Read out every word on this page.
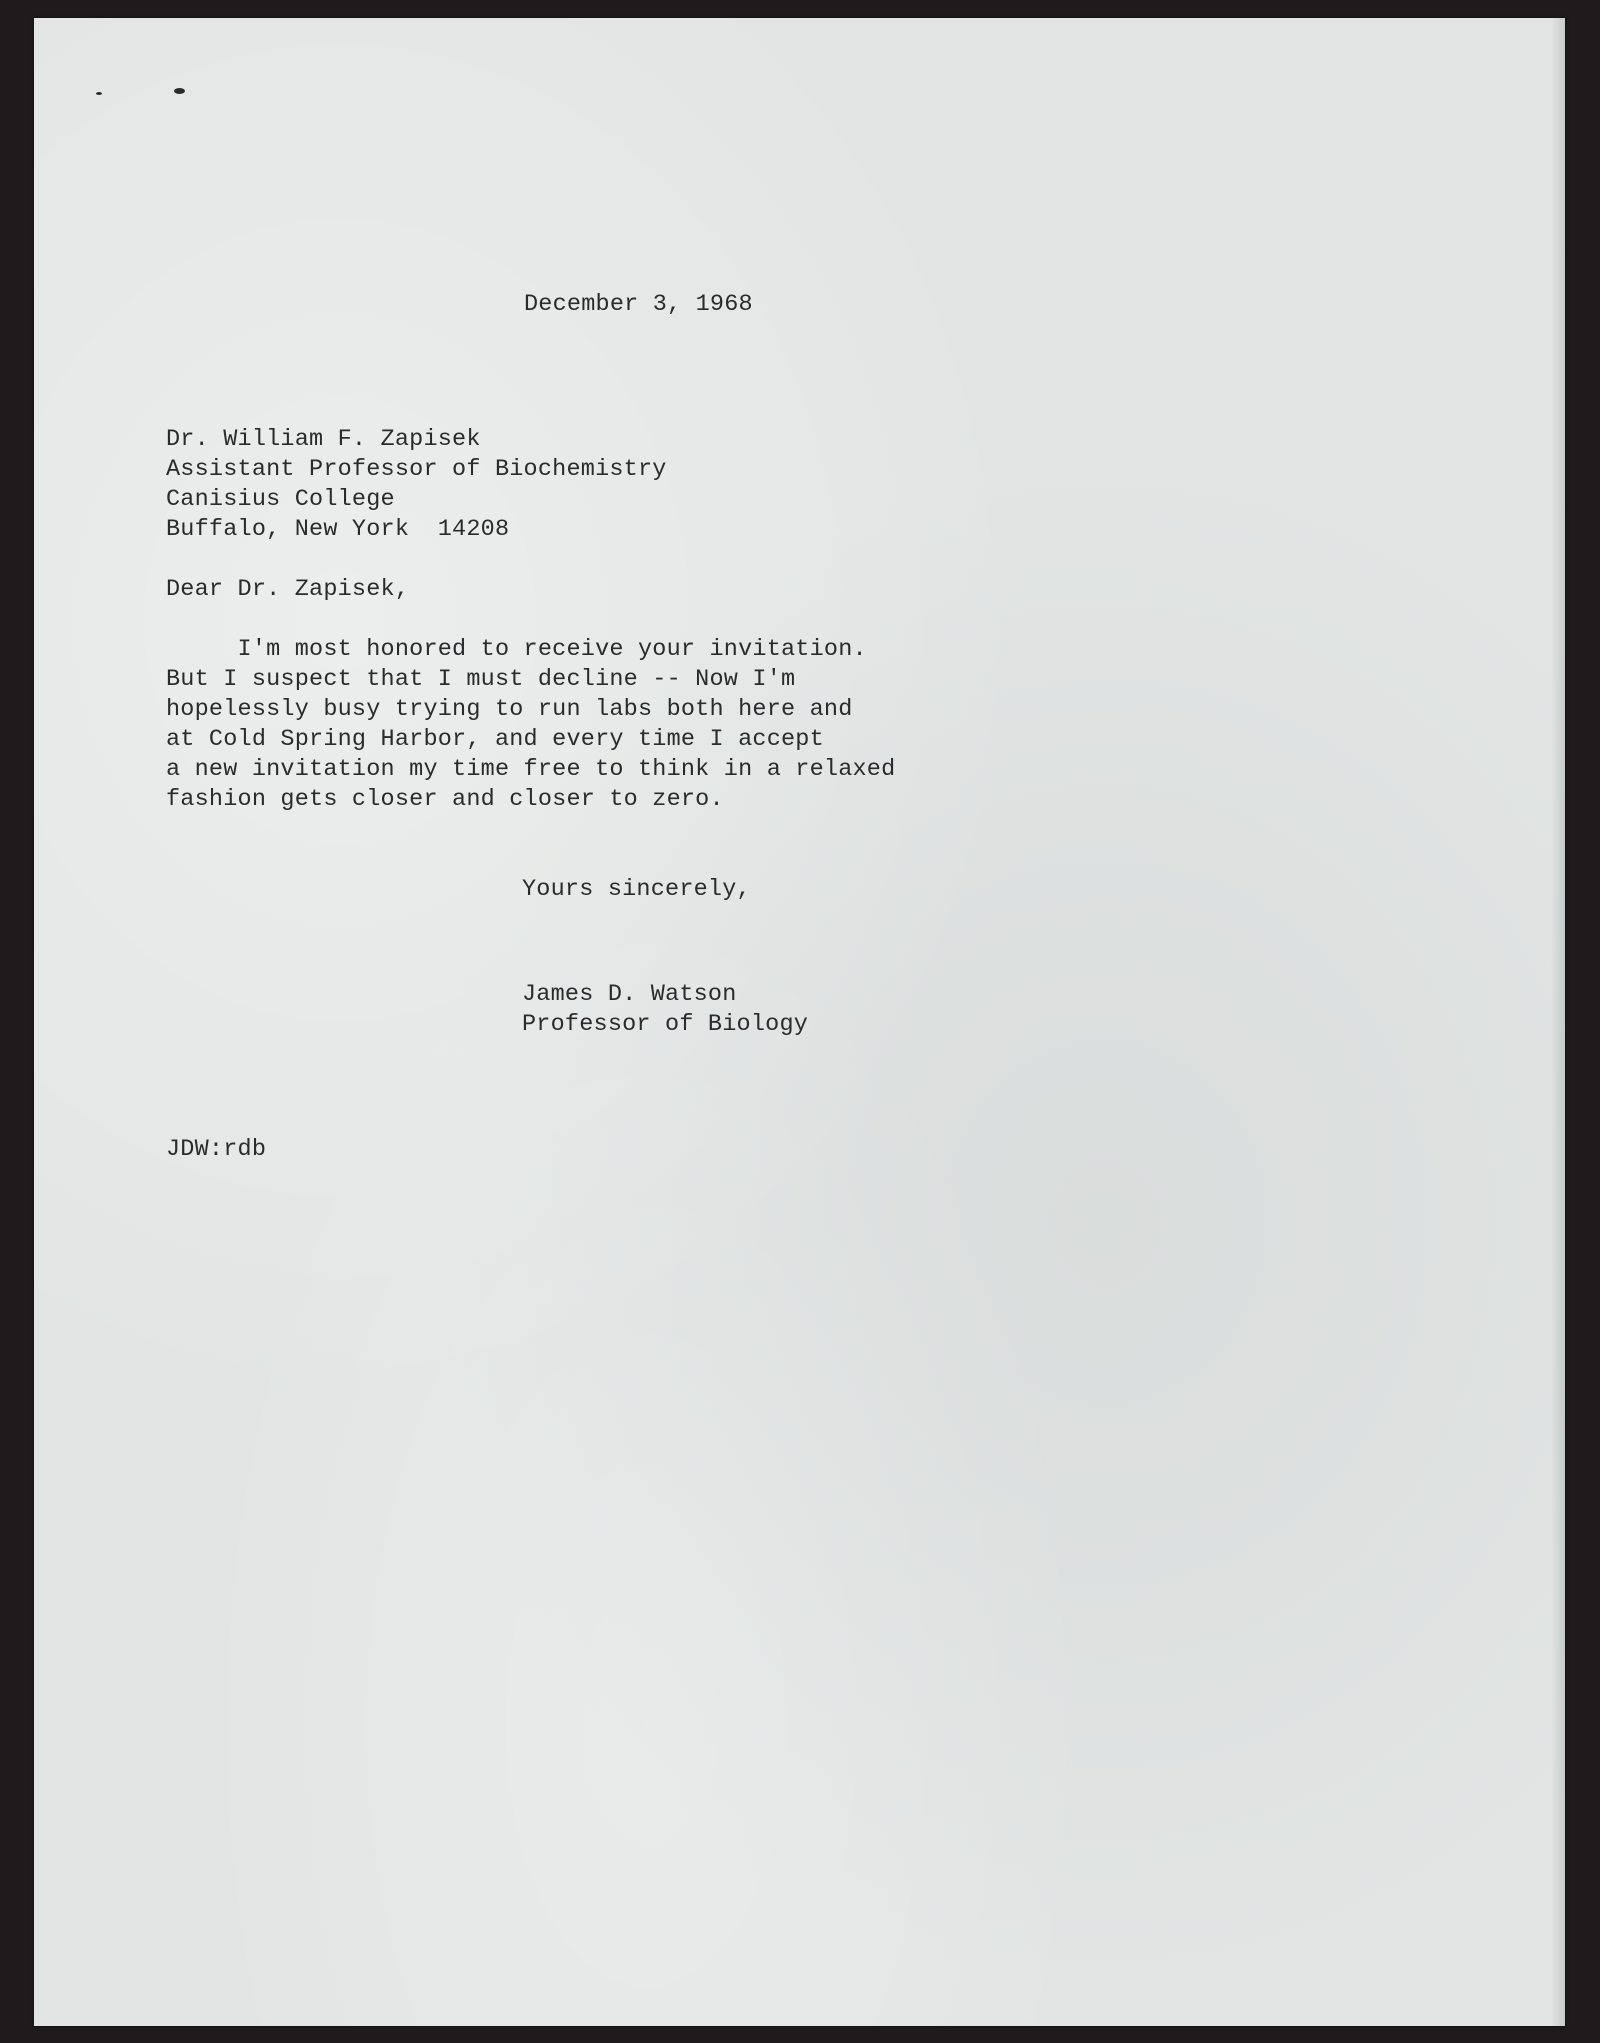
December 3, 1968
Dr. William F. Zapisek
Assistant Professor of Biochemistry
Canisius College
Buffalo, New York  14208
Dear Dr. Zapisek,
I'm most honored to receive your invitation.
But I suspect that I must decline -- Now I'm
hopelessly busy trying to run labs both here and
at Cold Spring Harbor, and every time I accept
a new invitation my time free to think in a relaxed
fashion gets closer and closer to zero.
Yours sincerely,
James D. Watson
Professor of Biology
JDW:rdb
